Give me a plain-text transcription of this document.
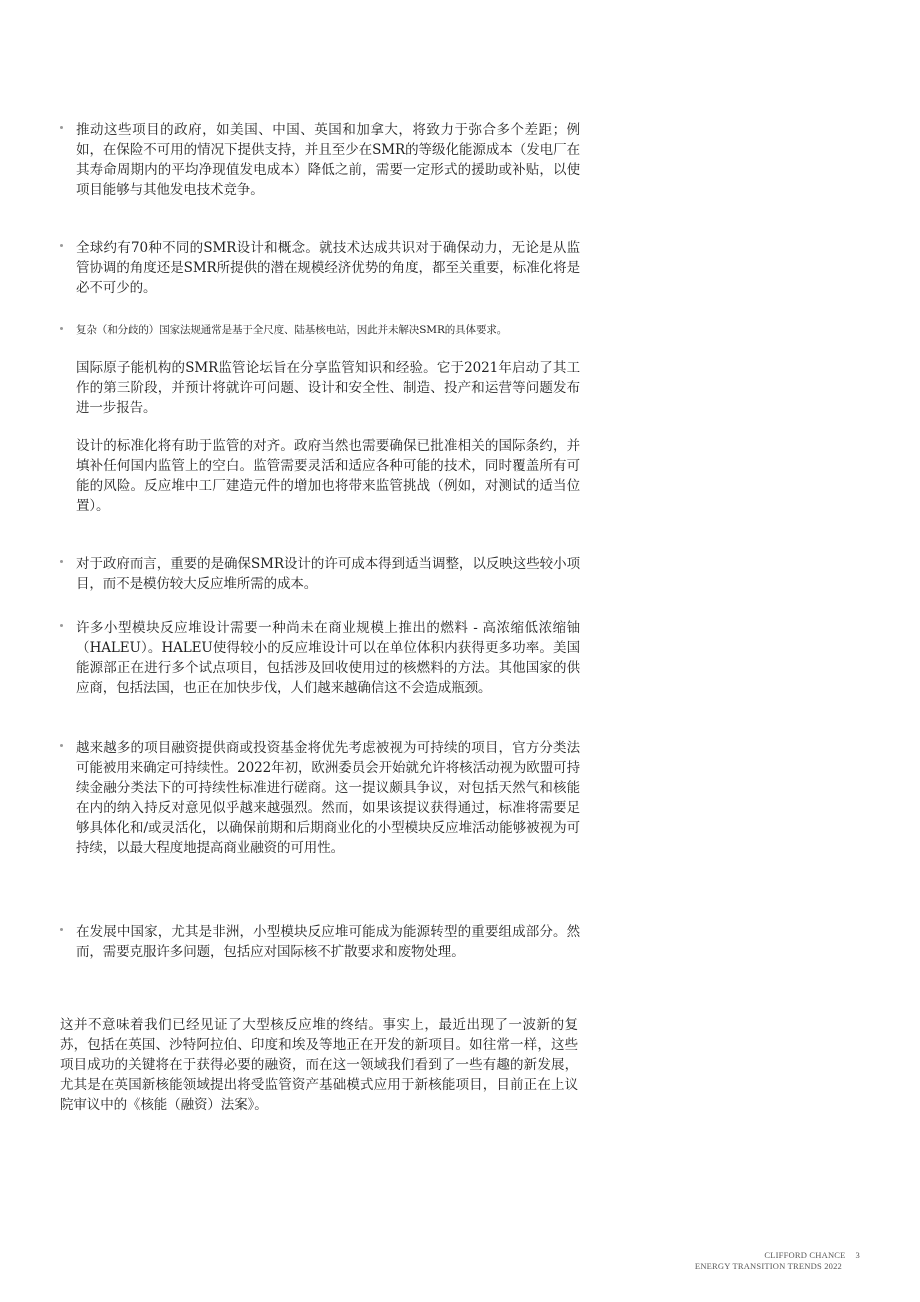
推动这些项目的政府，如美国、中国、英国和加拿大，将致力于弥合多个差距；例如，在保险不可用的情况下提供支持，并且至少在SMR的等级化能源成本（发电厂在其寿命周期内的平均净现值发电成本）降低之前，需要一定形式的援助或补贴，以使项目能够与其他发电技术竞争。

全球约有70种不同的SMR设计和概念。就技术达成共识对于确保动力，无论是从监管协调的角度还是SMR所提供的潜在规模经济优势的角度，都至关重要，标准化将是必不可少的。

复杂（和分歧的）国家法规通常是基于全尺度、陆基核电站，因此并未解决SMR的具体要求。

国际原子能机构的SMR监管论坛旨在分享监管知识和经验。它于2021年启动了其工作的第三阶段，并预计将就许可问题、设计和安全性、制造、投产和运营等问题发布进一步报告。

设计的标准化将有助于监管的对齐。政府当然也需要确保已批准相关的国际条约，并填补任何国内监管上的空白。监管需要灵活和适应各种可能的技术，同时覆盖所有可能的风险。反应堆中工厂建造元件的增加也将带来监管挑战（例如，对测试的适当位置）。

对于政府而言，重要的是确保SMR设计的许可成本得到适当调整，以反映这些较小项目，而不是模仿较大反应堆所需的成本。

许多小型模块反应堆设计需要一种尚未在商业规模上推出的燃料 - 高浓缩低浓缩铀（HALEU）。HALEU使得较小的反应堆设计可以在单位体积内获得更多功率。美国能源部正在进行多个试点项目，包括涉及回收使用过的核燃料的方法。其他国家的供应商，包括法国，也正在加快步伐，人们越来越确信这不会造成瓶颈。

越来越多的项目融资提供商或投资基金将优先考虑被视为可持续的项目，官方分类法可能被用来确定可持续性。2022年初，欧洲委员会开始就允许将核活动视为欧盟可持续金融分类法下的可持续性标准进行磋商。这一提议颇具争议，对包括天然气和核能在内的纳入持反对意见似乎越来越强烈。然而，如果该提议获得通过，标准将需要足够具体化和/或灵活化，以确保前期和后期商业化的小型模块反应堆活动能够被视为可持续，以最大程度地提高商业融资的可用性。

在发展中国家，尤其是非洲，小型模块反应堆可能成为能源转型的重要组成部分。然而，需要克服许多问题，包括应对国际核不扩散要求和废物处理。

这并不意味着我们已经见证了大型核反应堆的终结。事实上，最近出现了一波新的复苏，包括在英国、沙特阿拉伯、印度和埃及等地正在开发的新项目。如往常一样，这些项目成功的关键将在于获得必要的融资，而在这一领域我们看到了一些有趣的新发展，尤其是在英国新核能领域提出将受监管资产基础模式应用于新核能项目，目前正在上议院审议中的《核能（融资）法案》。

CLIFFORD CHANCE 3
ENERGY TRANSITION TRENDS 2022
